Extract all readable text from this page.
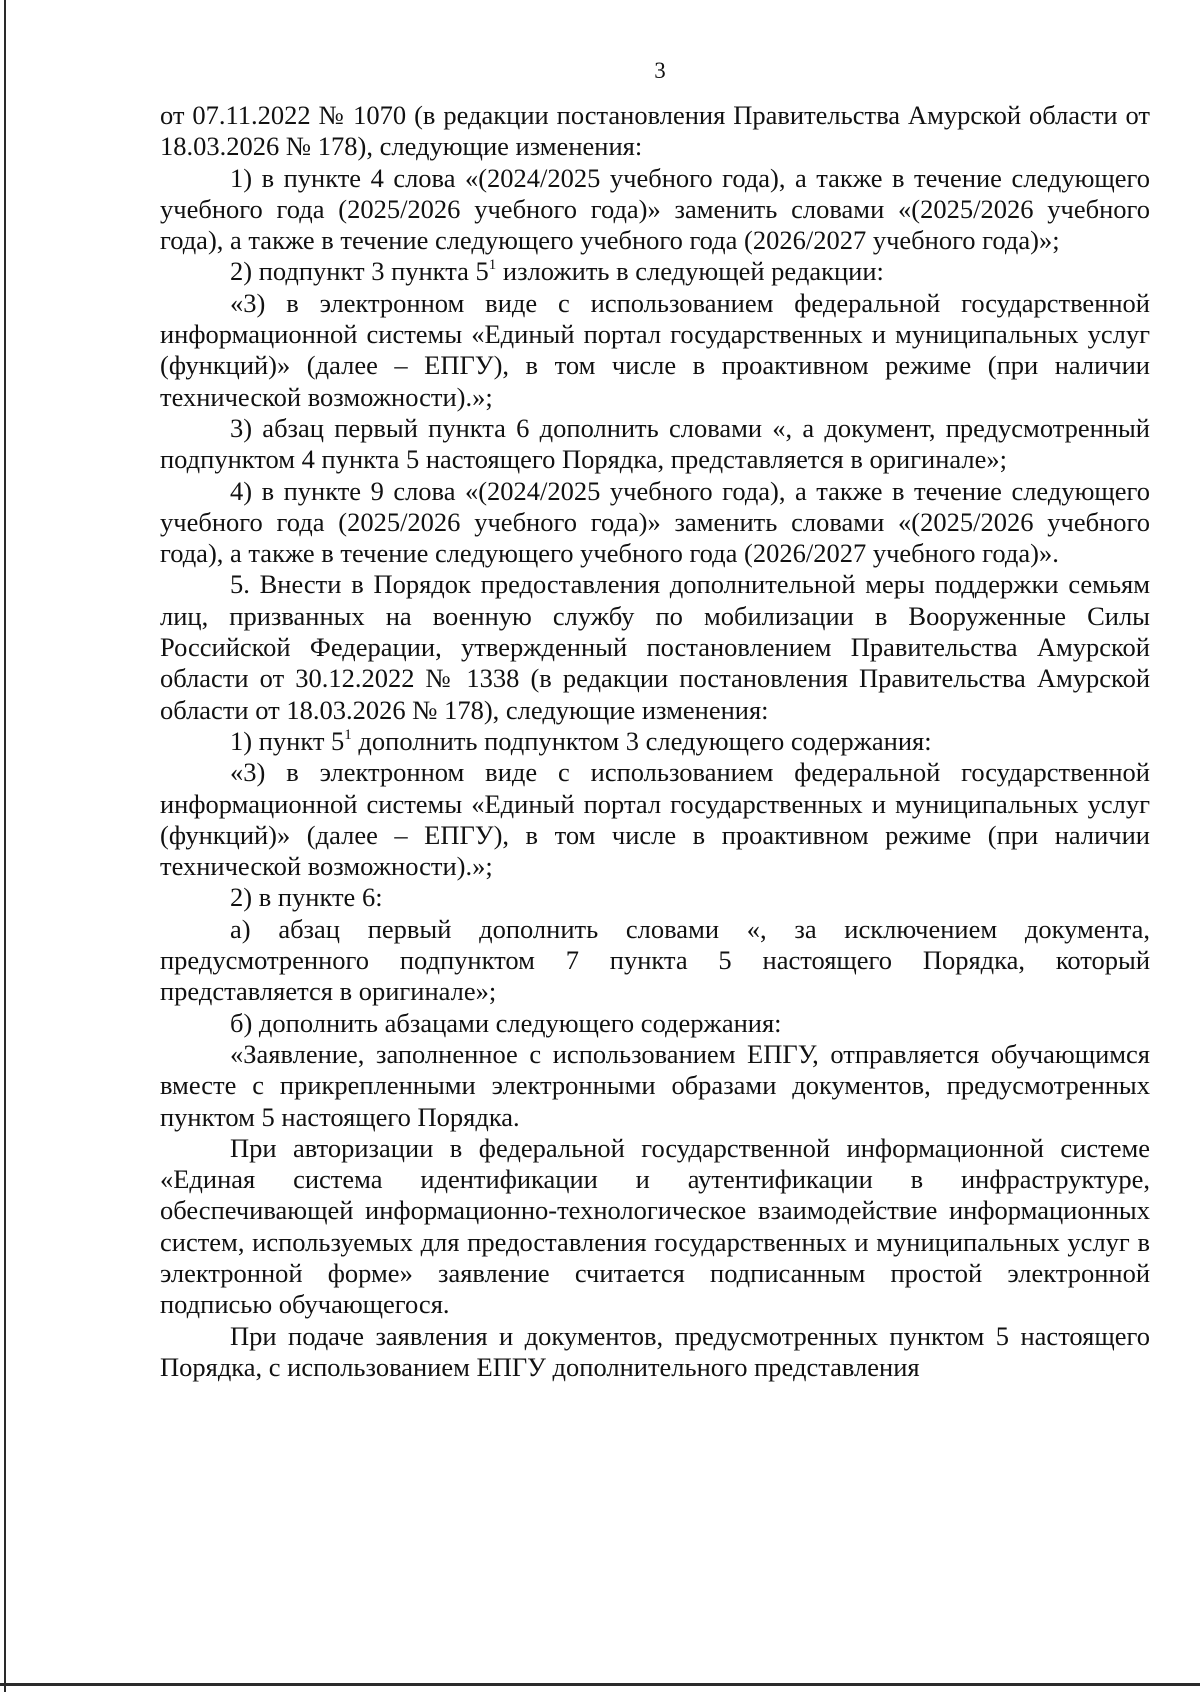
3

от 07.11.2022 № 1070 (в редакции постановления Правительства Амурской области от 18.03.2026 № 178), следующие изменения:

1) в пункте 4 слова «(2024/2025 учебного года), а также в течение следующего учебного года (2025/2026 учебного года)» заменить словами «(2025/2026 учебного года), а также в течение следующего учебного года (2026/2027 учебного года)»;

2) подпункт 3 пункта $5^1$ изложить в следующей редакции:

«3) в электронном виде с использованием федеральной государственной информационной системы «Единый портал государственных и муниципальных услуг (функций)» (далее – ЕПГУ), в том числе в проактивном режиме (при наличии технической возможности).»;

3) абзац первый пункта 6 дополнить словами «, а документ, предусмотренный подпунктом 4 пункта 5 настоящего Порядка, представляется в оригинале»;

4) в пункте 9 слова «(2024/2025 учебного года), а также в течение следующего учебного года (2025/2026 учебного года)» заменить словами «(2025/2026 учебного года), а также в течение следующего учебного года (2026/2027 учебного года)».

5. Внести в Порядок предоставления дополнительной меры поддержки семьям лиц, призванных на военную службу по мобилизации в Вооруженные Силы Российской Федерации, утвержденный постановлением Правительства Амурской области от 30.12.2022 № 1338 (в редакции постановления Правительства Амурской области от 18.03.2026 № 178), следующие изменения:

1) пункт $5^1$ дополнить подпунктом 3 следующего содержания:

«3) в электронном виде с использованием федеральной государственной информационной системы «Единый портал государственных и муниципальных услуг (функций)» (далее – ЕПГУ), в том числе в проактивном режиме (при наличии технической возможности).»;

2) в пункте 6:

а) абзац первый дополнить словами «, за исключением документа, предусмотренного подпунктом 7 пункта 5 настоящего Порядка, который представляется в оригинале»;

б) дополнить абзацами следующего содержания:

«Заявление, заполненное с использованием ЕПГУ, отправляется обучающимся вместе с прикрепленными электронными образами документов, предусмотренных пунктом 5 настоящего Порядка.

При авторизации в федеральной государственной информационной системе «Единая система идентификации и аутентификации в инфраструктуре, обеспечивающей информационно-технологическое взаимодействие информационных систем, используемых для предоставления государственных и муниципальных услуг в электронной форме» заявление считается подписанным простой электронной подписью обучающегося.

При подаче заявления и документов, предусмотренных пунктом 5 настоящего Порядка, с использованием ЕПГУ дополнительного представления
